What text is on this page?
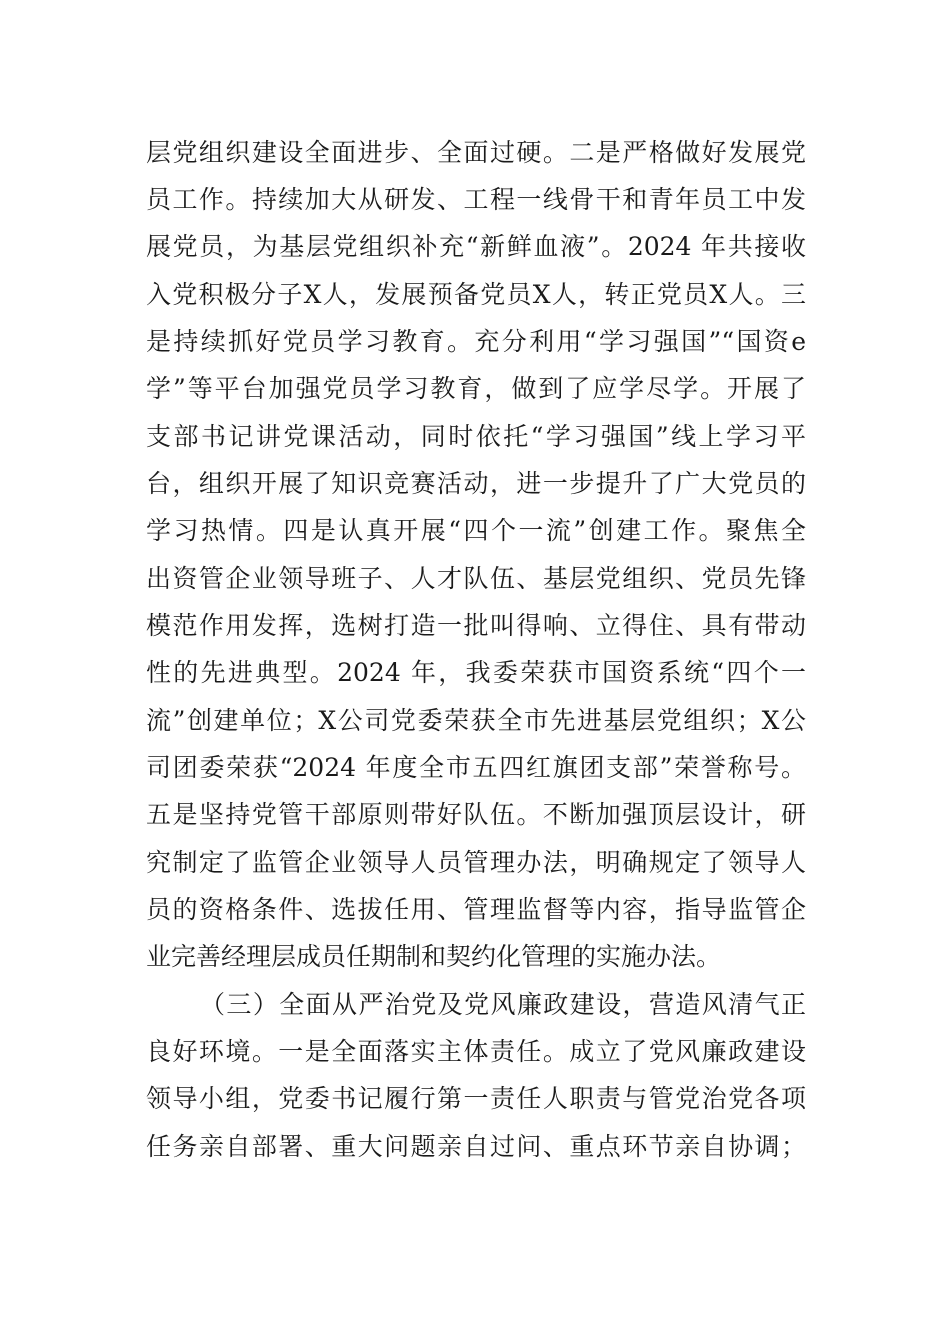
层党组织建设全面进步、全面过硬。二是严格做好发展党
员工作。持续加大从研发、工程一线骨干和青年员工中发
展党员，为基层党组织补充“新鲜血液”。2024 年共接收
入党积极分子X人，发展预备党员X人，转正党员X人。三
是持续抓好党员学习教育。充分利用“学习强国”“国资e
学”等平台加强党员学习教育，做到了应学尽学。开展了
支部书记讲党课活动，同时依托“学习强国”线上学习平
台，组织开展了知识竞赛活动，进一步提升了广大党员的
学习热情。四是认真开展“四个一流”创建工作。聚焦全
出资管企业领导班子、人才队伍、基层党组织、党员先锋
模范作用发挥，选树打造一批叫得响、立得住、具有带动
性的先进典型。2024 年，我委荣获市国资系统“四个一
流”创建单位；X公司党委荣获全市先进基层党组织；X公
司团委荣获“2024 年度全市五四红旗团支部”荣誉称号。
五是坚持党管干部原则带好队伍。不断加强顶层设计，研
究制定了监管企业领导人员管理办法，明确规定了领导人
员的资格条件、选拔任用、管理监督等内容，指导监管企
业完善经理层成员任期制和契约化管理的实施办法。
（三）全面从严治党及党风廉政建设，营造风清气正
良好环境。一是全面落实主体责任。成立了党风廉政建设
领导小组，党委书记履行第一责任人职责与管党治党各项
任务亲自部署、重大问题亲自过问、重点环节亲自协调；
